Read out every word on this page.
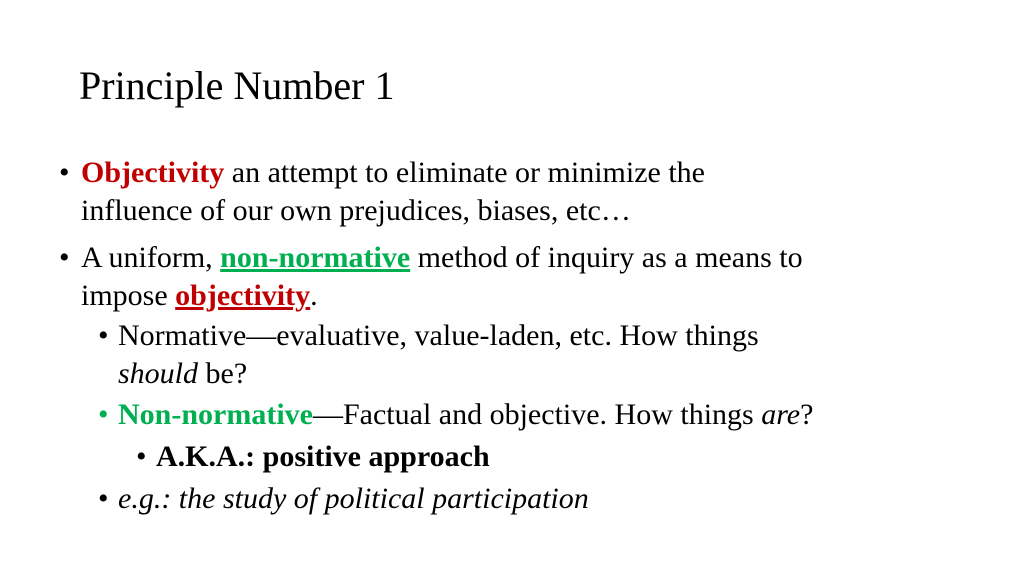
Principle Number 1
• Objectivity an attempt to eliminate or minimize the
influence of our own prejudices, biases, etc…
• A uniform, non-normative method of inquiry as a means to
impose objectivity.
• Normative—evaluative, value-laden, etc. How things
should be?
• Non-normative—Factual and objective. How things are?
• A.K.A.: positive approach
• e.g.: the study of political participation
